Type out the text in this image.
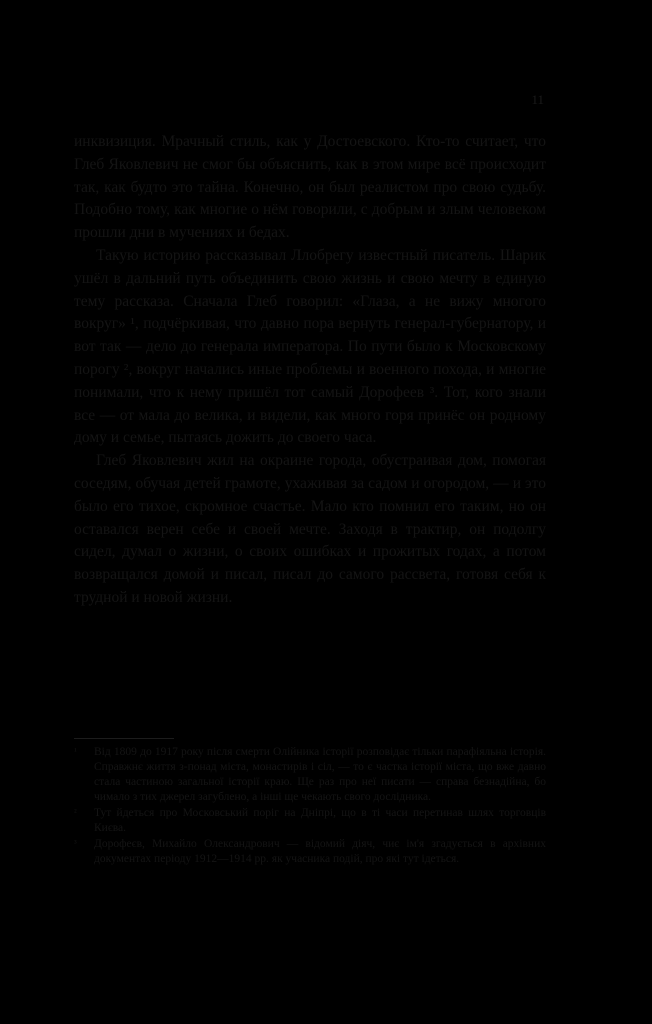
11

инквизиция. Мрачный стиль, как у Достоевского. Кто-то считает, что Глеб Яковлевич не смог бы объяснить, как в этом мире всё происходит так, как будто это тайна. Конечно, он был реалистом про свою судьбу. Подобно тому, как многие о нём говорили, с добрым и злым человеком прошли дни в мучениях и бедах.

Такую историю рассказывал Ллобрегу известный писатель. Шарик ушёл в дальний путь объединить свою жизнь и свою мечту в единую тему рассказа. Сначала Глеб говорил: «Глаза, а не вижу многого вокруг» ¹, подчёркивая, что давно пора вернуть генерал-губернатору, и вот так — дело до генерала императора. По пути было к Московскому порогу ², вокруг начались иные проблемы и военного похода, и многие понимали, что к нему пришёл тот самый Дорофеев ³. Тот, кого знали все — от мала до велика, и видели, как много горя принёс он родному дому и семье, пытаясь дожить до своего часа.

Глеб Яковлевич жил на окраине города, обустраивая дом, помогая соседям, обучая детей грамоте, ухаживая за садом и огородом, — и это было его тихое, скромное счастье. Мало кто помнил его таким, но он оставался верен себе и своей мечте. Заходя в трактир, он подолгу сидел, думал о жизни, о своих ошибках и прожитых годах, а потом возвращался домой и писал, писал до самого рассвета, готовя себя к трудной и новой жизни.

¹	Від 1809 до 1917 року після смерти Олійника історії розповідає тільки парафіяльна історія. Справжнє життя з-понад міста, монастирів і сіл, — то є частка історії міста, що вже давно стала частиною загальної історії краю. Ще раз про неї писати — справа безнадійна, бо чимало з тих джерел загублено, а інші ще чекають свого дослідника.
²	Тут йдеться про Московський поріг на Дніпрі, що в ті часи перетинав шлях торговців Києва.
³	Дорофеєв, Михайло Олександрович — відомий діяч, чиє ім'я згадується в архівних документах періоду 1912—1914 рр. як учасника подій, про які тут ідеться.
